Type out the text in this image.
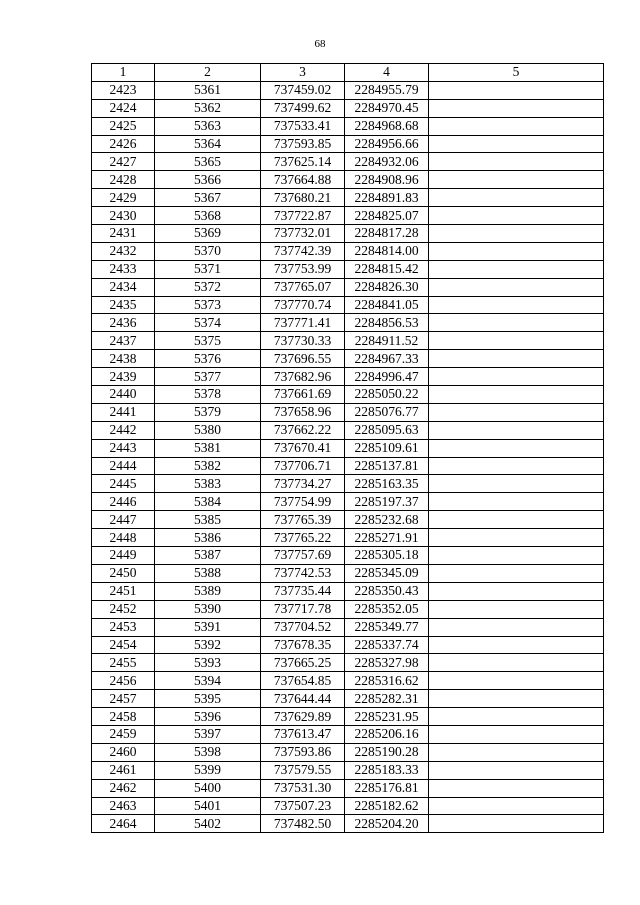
68
1	2	3	4	5
2423	5361	737459.02	2284955.79	
2424	5362	737499.62	2284970.45	
2425	5363	737533.41	2284968.68	
2426	5364	737593.85	2284956.66	
2427	5365	737625.14	2284932.06	
2428	5366	737664.88	2284908.96	
2429	5367	737680.21	2284891.83	
2430	5368	737722.87	2284825.07	
2431	5369	737732.01	2284817.28	
2432	5370	737742.39	2284814.00	
2433	5371	737753.99	2284815.42	
2434	5372	737765.07	2284826.30	
2435	5373	737770.74	2284841.05	
2436	5374	737771.41	2284856.53	
2437	5375	737730.33	2284911.52	
2438	5376	737696.55	2284967.33	
2439	5377	737682.96	2284996.47	
2440	5378	737661.69	2285050.22	
2441	5379	737658.96	2285076.77	
2442	5380	737662.22	2285095.63	
2443	5381	737670.41	2285109.61	
2444	5382	737706.71	2285137.81	
2445	5383	737734.27	2285163.35	
2446	5384	737754.99	2285197.37	
2447	5385	737765.39	2285232.68	
2448	5386	737765.22	2285271.91	
2449	5387	737757.69	2285305.18	
2450	5388	737742.53	2285345.09	
2451	5389	737735.44	2285350.43	
2452	5390	737717.78	2285352.05	
2453	5391	737704.52	2285349.77	
2454	5392	737678.35	2285337.74	
2455	5393	737665.25	2285327.98	
2456	5394	737654.85	2285316.62	
2457	5395	737644.44	2285282.31	
2458	5396	737629.89	2285231.95	
2459	5397	737613.47	2285206.16	
2460	5398	737593.86	2285190.28	
2461	5399	737579.55	2285183.33	
2462	5400	737531.30	2285176.81	
2463	5401	737507.23	2285182.62	
2464	5402	737482.50	2285204.20	
